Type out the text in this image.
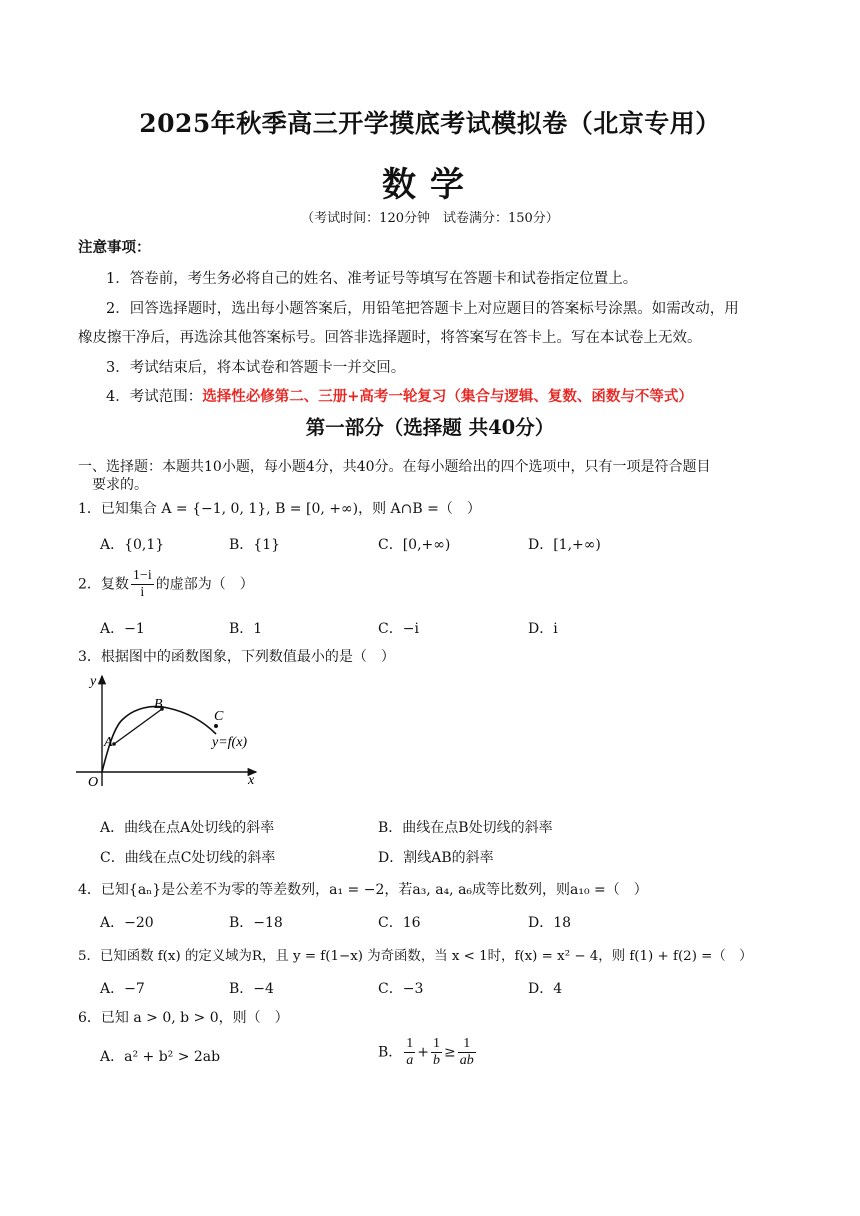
2025年秋季高三开学摸底考试模拟卷（北京专用）
数学
（考试时间：120分钟　试卷满分：150分）
注意事项：
1．答卷前，考生务必将自己的姓名、准考证号等填写在答题卡和试卷指定位置上。
2．回答选择题时，选出每小题答案后，用铅笔把答题卡上对应题目的答案标号涂黑。如需改动，用
橡皮擦干净后，再选涂其他答案标号。回答非选择题时，将答案写在答卡上。写在本试卷上无效。
3．考试结束后，将本试卷和答题卡一并交回。
4．考试范围：选择性必修第二、三册+高考一轮复习（集合与逻辑、复数、函数与不等式）
第一部分（选择题 共40分）
一、选择题：本题共10小题，每小题4分，共40分。在每小题给出的四个选项中，只有一项是符合题目
要求的。
1．已知集合 A = {−1, 0, 1}, B = [0, +∞)，则 A∩B =（　）
A．{0,1}	B．{1}	C．[0,+∞)	D．[1,+∞)
2．复数 $\frac{1-i}{i}$ 的虚部为（　）
A．−1	B．1	C．−i	D．i
3．根据图中的函数图象，下列数值最小的是（　）
y
x
O
A
B
C
y=f(x)
A．曲线在点A处切线的斜率	B．曲线在点B处切线的斜率
C．曲线在点C处切线的斜率	D．割线AB的斜率
4．已知{aₙ}是公差不为零的等差数列，a₁ = −2，若a₃, a₄, a₆成等比数列，则a₁₀ =（　）
A．−20	B．−18	C．16	D．18
5．已知函数 f(x) 的定义域为R，且 y = f(1−x) 为奇函数，当 x < 1时，f(x) = x² − 4，则 f(1) + f(2) =（　）
A．−7	B．−4	C．−3	D．4
6．已知 a > 0, b > 0，则（　）
A．a² + b² > 2ab	B． $\frac{1}{a} + \frac{1}{b} \ge \frac{1}{ab}$
